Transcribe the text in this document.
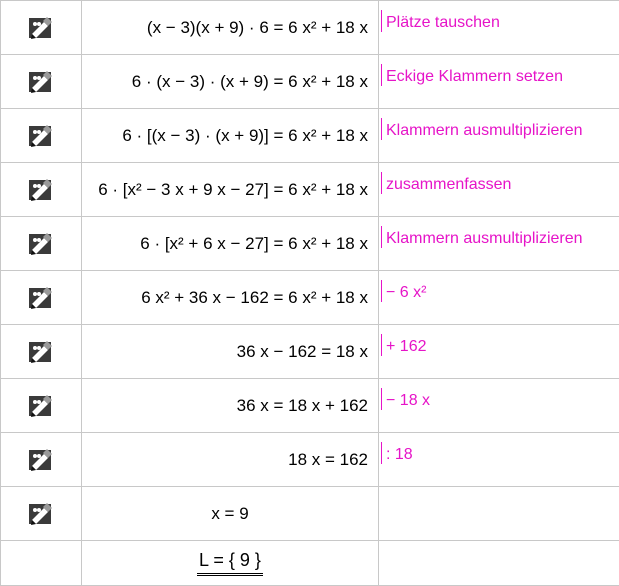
	(x − 3)(x + 9) · 6 = 6 x² + 18 x	Plätze tauschen
	6 · (x − 3) · (x + 9) = 6 x² + 18 x	Eckige Klammern setzen
	6 · [(x − 3) · (x + 9)] = 6 x² + 18 x	Klammern ausmultiplizieren
	6 · [x² − 3 x + 9 x − 27] = 6 x² + 18 x	zusammenfassen
	6 · [x² + 6 x − 27] = 6 x² + 18 x	Klammern ausmultiplizieren
	6 x² + 36 x − 162 = 6 x² + 18 x	− 6 x²
	36 x − 162 = 18 x	+ 162
	36 x = 18 x + 162	− 18 x
	18 x = 162	: 18
	x = 9	
	L = { 9 }	
